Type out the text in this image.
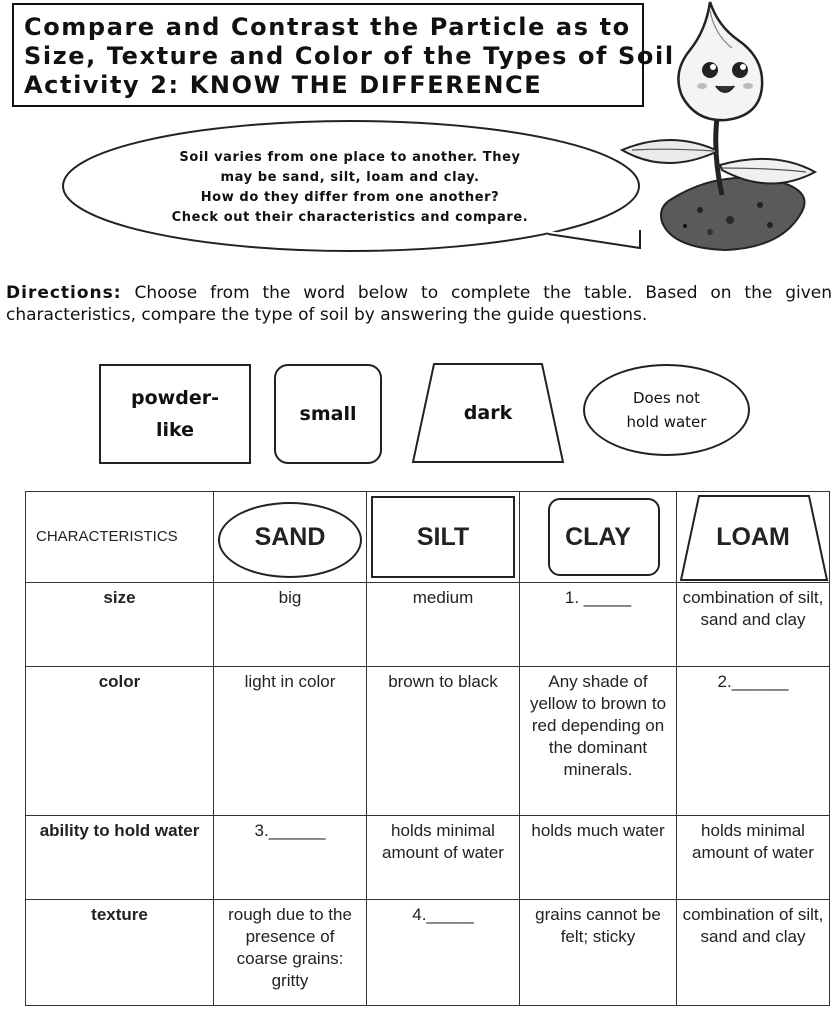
Compare and Contrast the Particle as to
Size, Texture and Color of the Types of Soil
Activity 2: KNOW THE DIFFERENCE
Soil varies from one place to another. They
may be sand, silt, loam and clay.
How do they differ from one another?
Check out their characteristics and compare.
Directions: Choose from the word below to complete the table. Based on the given characteristics, compare the type of soil by answering the guide questions.
powder-
like
small	dark
Does not
hold water
CHARACTERISTICS	SAND	SILT	CLAY	LOAM

size	big	medium	1. _____	combination of silt, sand and clay
color	light in color	brown to black	Any shade of yellow to brown to red depending on the dominant minerals.	2.______
ability to hold water	3.______	holds minimal amount of water	holds much water	holds minimal amount of water
texture	rough due to the presence of coarse grains: gritty	4._____	grains cannot be felt; sticky	combination of silt, sand and clay
